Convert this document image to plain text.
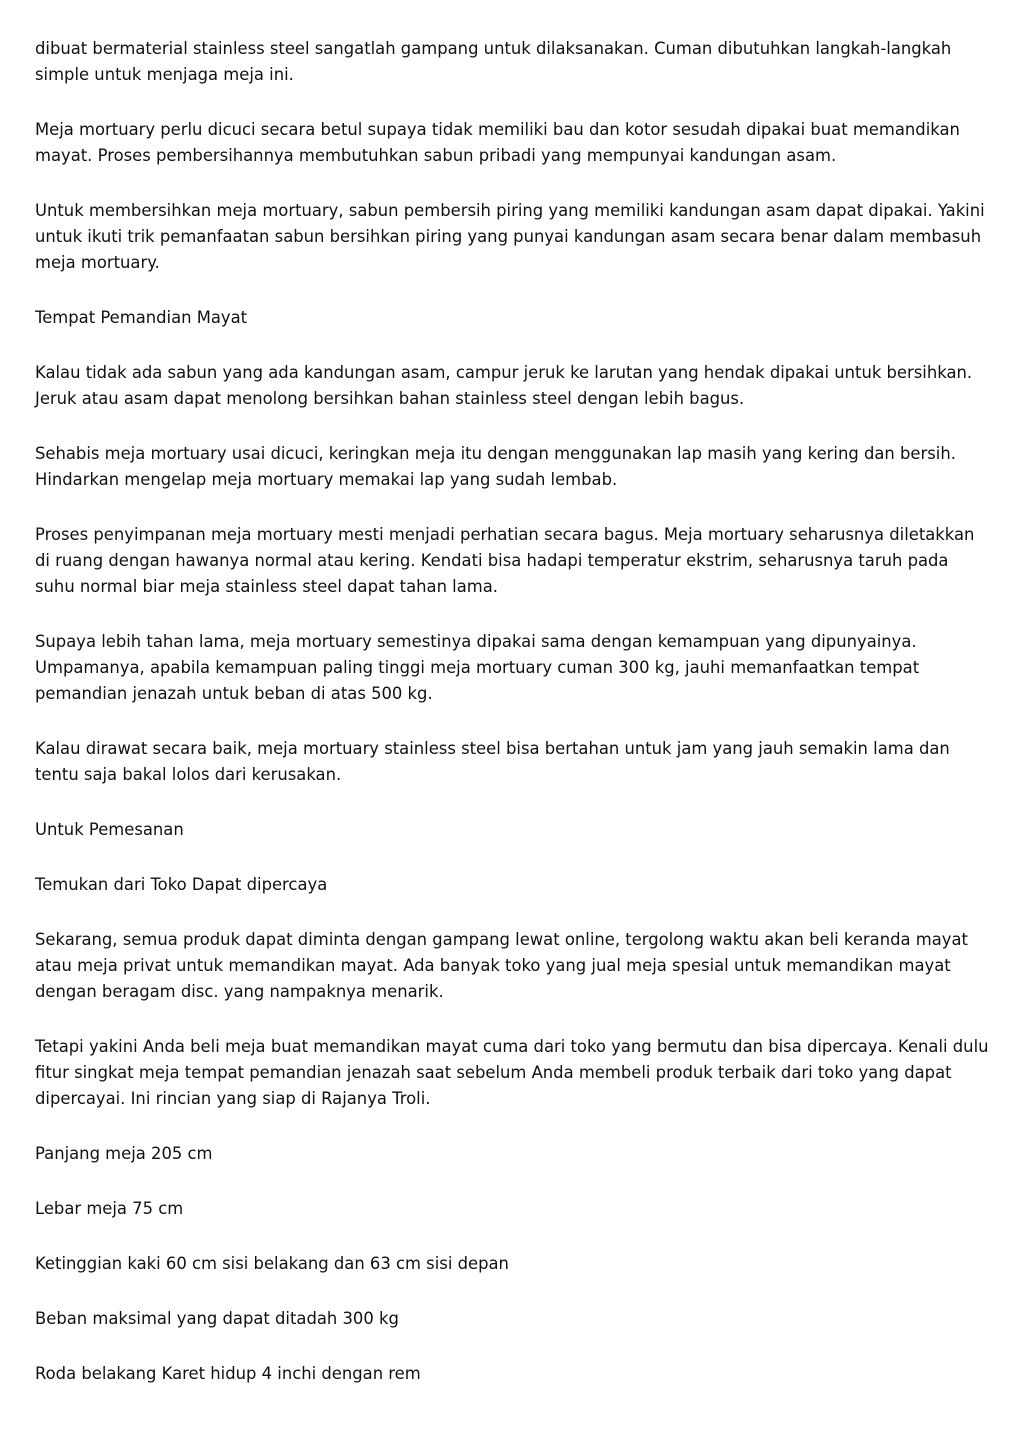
dibuat bermaterial stainless steel sangatlah gampang untuk dilaksanakan. Cuman dibutuhkan langkah-langkah simple untuk menjaga meja ini.

Meja mortuary perlu dicuci secara betul supaya tidak memiliki bau dan kotor sesudah dipakai buat memandikan mayat. Proses pembersihannya membutuhkan sabun pribadi yang mempunyai kandungan asam.

Untuk membersihkan meja mortuary, sabun pembersih piring yang memiliki kandungan asam dapat dipakai. Yakini untuk ikuti trik pemanfaatan sabun bersihkan piring yang punyai kandungan asam secara benar dalam membasuh meja mortuary.

Tempat Pemandian Mayat

Kalau tidak ada sabun yang ada kandungan asam, campur jeruk ke larutan yang hendak dipakai untuk bersihkan. Jeruk atau asam dapat menolong bersihkan bahan stainless steel dengan lebih bagus.

Sehabis meja mortuary usai dicuci, keringkan meja itu dengan menggunakan lap masih yang kering dan bersih. Hindarkan mengelap meja mortuary memakai lap yang sudah lembab.

Proses penyimpanan meja mortuary mesti menjadi perhatian secara bagus. Meja mortuary seharusnya diletakkan di ruang dengan hawanya normal atau kering. Kendati bisa hadapi temperatur ekstrim, seharusnya taruh pada suhu normal biar meja stainless steel dapat tahan lama.

Supaya lebih tahan lama, meja mortuary semestinya dipakai sama dengan kemampuan yang dipunyainya. Umpamanya, apabila kemampuan paling tinggi meja mortuary cuman 300 kg, jauhi memanfaatkan tempat pemandian jenazah untuk beban di atas 500 kg.

Kalau dirawat secara baik, meja mortuary stainless steel bisa bertahan untuk jam yang jauh semakin lama dan tentu saja bakal lolos dari kerusakan.

Untuk Pemesanan

Temukan dari Toko Dapat dipercaya

Sekarang, semua produk dapat diminta dengan gampang lewat online, tergolong waktu akan beli keranda mayat atau meja privat untuk memandikan mayat. Ada banyak toko yang jual meja spesial untuk memandikan mayat dengan beragam disc. yang nampaknya menarik.

Tetapi yakini Anda beli meja buat memandikan mayat cuma dari toko yang bermutu dan bisa dipercaya. Kenali dulu fitur singkat meja tempat pemandian jenazah saat sebelum Anda membeli produk terbaik dari toko yang dapat dipercayai. Ini rincian yang siap di Rajanya Troli.

Panjang meja 205 cm

Lebar meja 75 cm

Ketinggian kaki 60 cm sisi belakang dan 63 cm sisi depan

Beban maksimal yang dapat ditadah 300 kg

Roda belakang Karet hidup 4 inchi dengan rem
